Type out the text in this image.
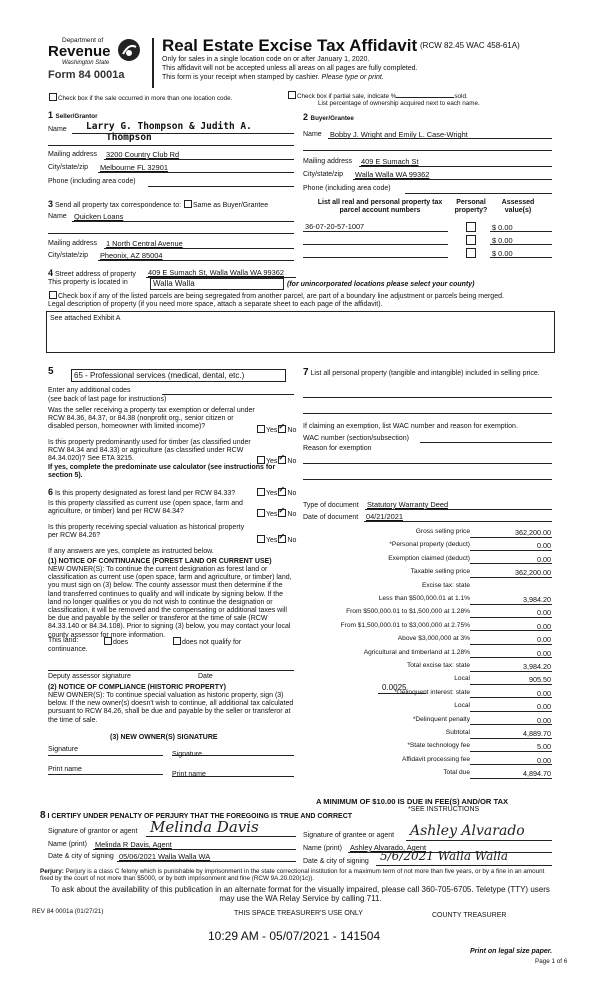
Department of
Revenue
Washington State
Form 84 0001a
Real Estate Excise Tax Affidavit (RCW 82.45 WAC 458-61A)
Only for sales in a single location code on or after January 1, 2020.
This affidavit will not be accepted unless all areas on all pages are fully completed.
This form is your receipt when stamped by cashier. Please type or print.
Check box if the sale occurred in more than one location code.	Check box if partial sale, indicate %	sold.
List percentage of ownership acquired next to each name.
1 Seller/Grantor
Name Larry G. Thompson & Judith A.
Thompson
Mailing address 3200 Country Club Rd
City/state/zip Melbourne FL 32901
Phone (including area code)
2 Buyer/Grantee
Name Bobby J. Wright and Emily L. Case-Wright
Mailing address 409 E Sumach St
City/state/zip Walla Walla WA 99362
Phone (including area code)
3 Send all property tax correspondence to: Same as Buyer/Grantee
Name Quicken Loans
Mailing address 1 North Central Avenue
City/state/zip Pheonix, AZ 85004
List all real and personal property tax
parcel account numbers
Personal
property?
Assessed
value(s)
36-07-20-57-1007	$ 0.00
$ 0.00
$ 0.00
4 Street address of property 409 E Sumach St, Walla Walla WA 99362
This property is located in	Walla Walla	(for unincorporated locations please select your county)
Check box if any of the listed parcels are being segregated from another parcel, are part of a boundary line adjustment or parcels being merged.
Legal description of property (if you need more space, attach a separate sheet to each page of the affidavit).
See attached Exhibit A
5	65 - Professional services (medical, dental, etc.)
Enter any additional codes
(see back of last page for instructions)
Was the seller receiving a property tax exemption or deferral under RCW 84.36, 84.37, or 84.38 (nonprofit org., senior citizen or disabled person, homeowner with limited income)?
Yes ✓ No
Is this property predominantly used for timber (as classified under RCW 84.34 and 84.33) or agriculture (as classified under RCW 84.34.020)? See ETA 3215.	Yes ✓ No
If yes, complete the predominate use calculator (see instructions for section 5).
6 Is this property designated as forest land per RCW 84.33?	Yes ✓ No
Is this property classified as current use (open space, farm and agriculture, or timber) land per RCW 84.34?	Yes ✓ No
Is this property receiving special valuation as historical property per RCW 84.26?
Yes ✓ No
If any answers are yes, complete as instructed below.
(1) NOTICE OF CONTINUANCE (FOREST LAND OR CURRENT USE)
NEW OWNER(S): To continue the current designation as forest land or classification as current use (open space, farm and agriculture, or timber) land, you must sign on (3) below. The county assessor must then determine if the land transferred continues to qualify and will indicate by signing below. If the land no longer qualifies or you do not wish to continue the designation or classification, it will be removed and the compensating or additional taxes will be due and payable by the seller or transferor at the time of sale (RCW 84.33.140 or 84.34.108). Prior to signing (3) below, you may contact your local county assessor for more information.
This land:	does	does not qualify for
continuance.
Deputy assessor signature	Date
(2) NOTICE OF COMPLIANCE (HISTORIC PROPERTY)
NEW OWNER(S): To continue special valuation as historic property, sign (3) below. If the new owner(s) doesn't wish to continue, all additional tax calculated pursuant to RCW 84.26, shall be due and payable by the seller or transferor at the time of sale.
(3) NEW OWNER(S) SIGNATURE
Signature
Signature
Print name
Print name
7 List all personal property (tangible and intangible) included in selling price.
If claiming an exemption, list WAC number and reason for exemption.
WAC number (section/subsection)
Reason for exemption
Type of document Statutory Warranty Deed
Date of document 04/21/2021
Gross selling price	362,200.00
*Personal property (deduct)	0.00
Exemption claimed (deduct)	0.00
Taxable selling price	362,200.00
Excise tax: state
Less than $500,000.01 at 1.1%	3,984.20
From $500,000.01 to $1,500,000 at 1.28%	0.00
From $1,500,000.01 to $3,000,000 at 2.75%	0.00
Above $3,000,000 at 3%	0.00
Agricultural and timberland at 1.28%	0.00
Total excise tax: state	3,984.20
Local	905.50
*Delinquent interest: state	0.00
Local	0.00
*Delinquent penalty	0.00
Subtotal	4,889.70
*State technology fee	5.00
Affidavit processing fee	0.00
Total due	4,894.70
0.0025
A MINIMUM OF $10.00 IS DUE IN FEE(S) AND/OR TAX
*SEE INSTRUCTIONS
8 I CERTIFY UNDER PENALTY OF PERJURY THAT THE FOREGOING IS TRUE AND CORRECT
Signature of grantor or agent Melinda Davis	Signature of grantee or agent Ashley Alvarado
Name (print) Melinda R Davis, Agent	Name (print) Ashley Alvarado, Agent
Date & city of signing 05/06/2021 Walla Walla WA
Date & city of signing 5/6/2021 Walla Walla
Perjury: Perjury is a class C felony which is punishable by imprisonment in the state correctional institution for a maximum term of not more than five years, or by a fine in an amount fixed by the court of not more than $5000, or by both imprisonment and fine (RCW 9A.20.020(1c)).
To ask about the availability of this publication in an alternate format for the visually impaired, please call 360-705-6705. Teletype (TTY) users may use the WA Relay Service by calling 711.
REV 84 0001a (01/27/21)	THIS SPACE TREASURER'S USE ONLY	COUNTY TREASURER
10:29 AM - 05/07/2021 - 141504
Print on legal size paper.
Page 1 of 6
